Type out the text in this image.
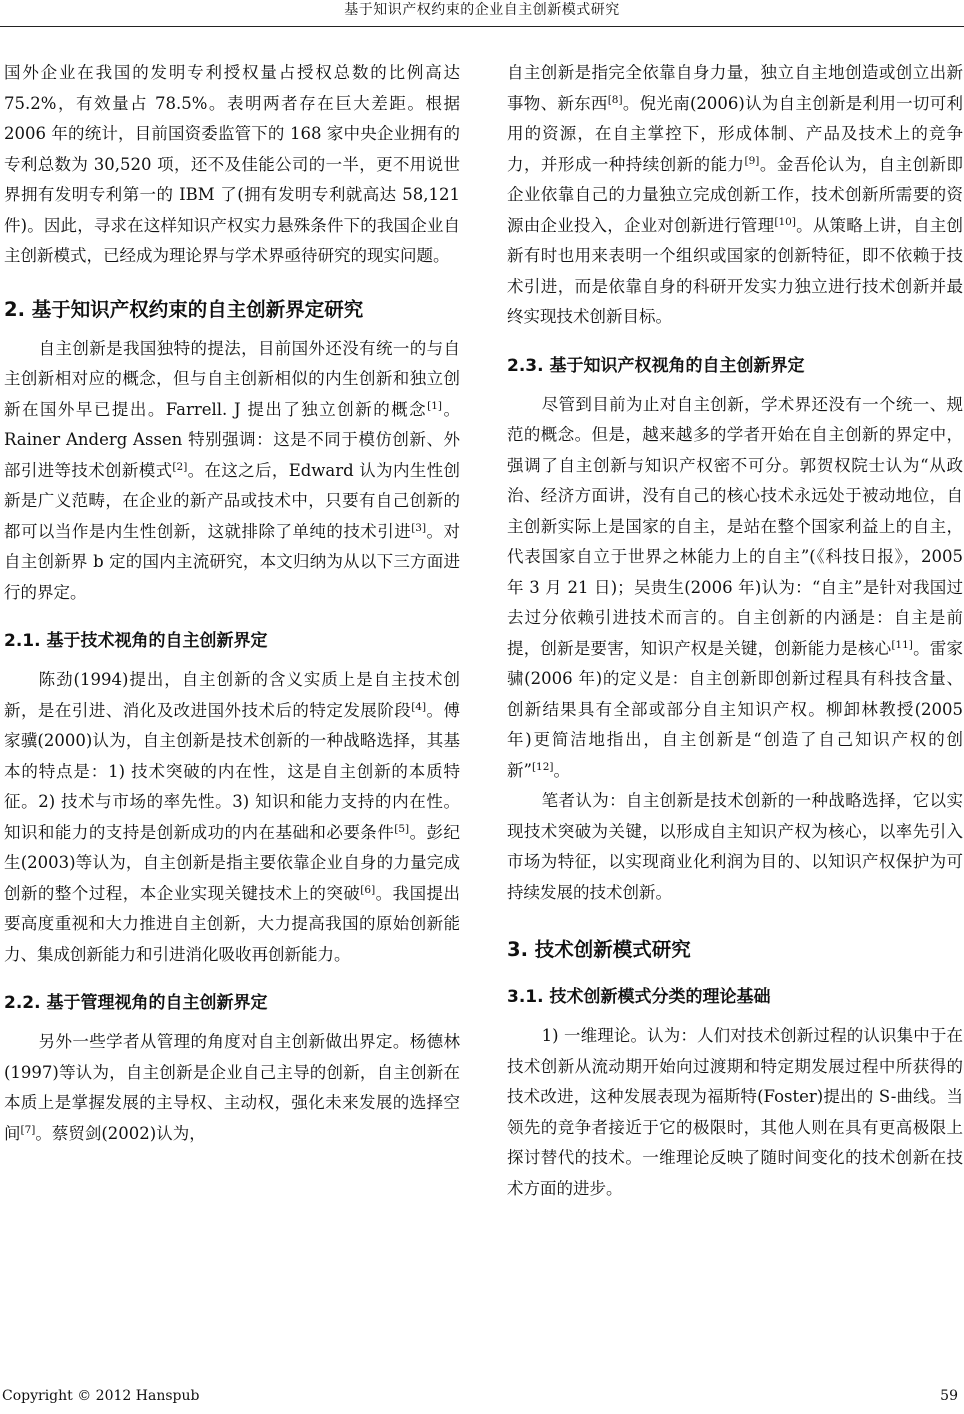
基于知识产权约束的企业自主创新模式研究

国外企业在我国的发明专利授权量占授权总数的比例高达 75.2%，有效量占 78.5%。表明两者存在巨大差距。根据 2006 年的统计，目前国资委监管下的 168 家中央企业拥有的专利总数为 30,520 项，还不及佳能公司的一半，更不用说世界拥有发明专利第一的 IBM 了(拥有发明专利就高达 58,121 件)。因此，寻求在这样知识产权实力悬殊条件下的我国企业自主创新模式，已经成为理论界与学术界亟待研究的现实问题。

2. 基于知识产权约束的自主创新界定研究

自主创新是我国独特的提法，目前国外还没有统一的与自主创新相对应的概念，但与自主创新相似的内生创新和独立创新在国外早已提出。Farrell. J 提出了独立创新的概念[1]。Rainer Anderg Assen 特别强调：这是不同于模仿创新、外部引进等技术创新模式[2]。在这之后，Edward 认为内生性创新是广义范畴，在企业的新产品或技术中，只要有自己创新的都可以当作是内生性创新，这就排除了单纯的技术引进[3]。对自主创新界 b 定的国内主流研究，本文归纳为从以下三方面进行的界定。

2.1. 基于技术视角的自主创新界定

陈劲(1994)提出，自主创新的含义实质上是自主技术创新，是在引进、消化及改进国外技术后的特定发展阶段[4]。傅家骥(2000)认为，自主创新是技术创新的一种战略选择，其基本的特点是：1) 技术突破的内在性，这是自主创新的本质特征。2) 技术与市场的率先性。3) 知识和能力支持的内在性。知识和能力的支持是创新成功的内在基础和必要条件[5]。彭纪生(2003)等认为，自主创新是指主要依靠企业自身的力量完成创新的整个过程，本企业实现关键技术上的突破[6]。我国提出要高度重视和大力推进自主创新，大力提高我国的原始创新能力、集成创新能力和引进消化吸收再创新能力。

2.2. 基于管理视角的自主创新界定

另外一些学者从管理的角度对自主创新做出界定。杨德林(1997)等认为，自主创新是企业自己主导的创新，自主创新在本质上是掌握发展的主导权、主动权，强化未来发展的选择空间[7]。蔡贸剑(2002)认为，

自主创新是指完全依靠自身力量，独立自主地创造或创立出新事物、新东西[8]。倪光南(2006)认为自主创新是利用一切可利用的资源，在自主掌控下，形成体制、产品及技术上的竞争力，并形成一种持续创新的能力[9]。金吾伦认为，自主创新即企业依靠自己的力量独立完成创新工作，技术创新所需要的资源由企业投入，企业对创新进行管理[10]。从策略上讲，自主创新有时也用来表明一个组织或国家的创新特征，即不依赖于技术引进，而是依靠自身的科研开发实力独立进行技术创新并最终实现技术创新目标。

2.3. 基于知识产权视角的自主创新界定

尽管到目前为止对自主创新，学术界还没有一个统一、规范的概念。但是，越来越多的学者开始在自主创新的界定中，强调了自主创新与知识产权密不可分。郭贺权院士认为“从政治、经济方面讲，没有自己的核心技术永远处于被动地位，自主创新实际上是国家的自主，是站在整个国家利益上的自主，代表国家自立于世界之林能力上的自主”(《科技日报》，2005 年 3 月 21 日)；吴贵生(2006 年)认为：“自主”是针对我国过去过分依赖引进技术而言的。自主创新的内涵是：自主是前提，创新是要害，知识产权是关键，创新能力是核心[11]。雷家骕(2006 年)的定义是：自主创新即创新过程具有科技含量、创新结果具有全部或部分自主知识产权。柳卸林教授(2005 年)更简洁地指出，自主创新是“创造了自己知识产权的创新”[12]。

笔者认为：自主创新是技术创新的一种战略选择，它以实现技术突破为关键，以形成自主知识产权为核心，以率先引入市场为特征，以实现商业化利润为目的、以知识产权保护为可持续发展的技术创新。

3. 技术创新模式研究
3.1. 技术创新模式分类的理论基础

1) 一维理论。认为：人们对技术创新过程的认识集中于在技术创新从流动期开始向过渡期和特定期发展过程中所获得的技术改进，这种发展表现为福斯特(Foster)提出的 S-曲线。当领先的竞争者接近于它的极限时，其他人则在具有更高极限上探讨替代的技术。一维理论反映了随时间变化的技术创新在技术方面的进步。

Copyright © 2012 Hanspub	59
